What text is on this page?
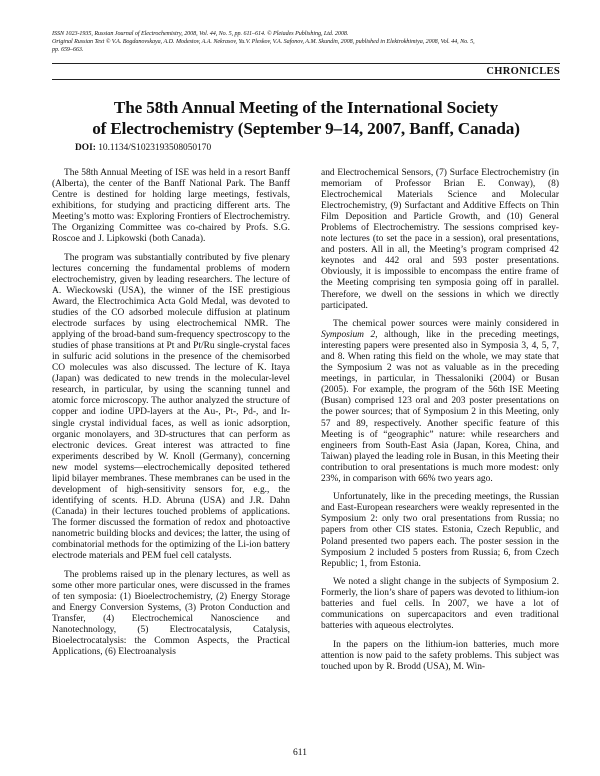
ISSN 1023-1935, Russian Journal of Electrochemistry, 2008, Vol. 44, No. 5, pp. 611–614. © Pleiades Publishing, Ltd. 2008.
Original Russian Text © V.A. Bogdanovskaya, A.D. Modestov, A.A. Nekrasov, Yu.V. Pleskov, V.A. Safonov, A.M. Skundin, 2008, published in Elektrokhimiya, 2008, Vol. 44, No. 5,
pp. 659–663.
CHRONICLES
The 58th Annual Meeting of the International Society
of Electrochemistry (September 9–14, 2007, Banff, Canada)
DOI: 10.1134/S1023193508050170

The 58th Annual Meeting of ISE was held in a resort Banff (Alberta), the center of the Banff National Park. The Banff Centre is destined for holding large meetings, festivals, exhibitions, for studying and practicing different arts. The Meeting’s motto was: Exploring Frontiers of Electrochemistry. The Organizing Committee was co-chaired by Profs. S.G. Roscoe and J. Lipkowski (both Canada).

The program was substantially contributed by five plenary lectures concerning the fundamental problems of modern electrochemistry, given by leading researchers. The lecture of A. Wieckowski (USA), the winner of the ISE prestigious Award, the Electrochimica Acta Gold Medal, was devoted to studies of the CO adsorbed molecule diffusion at platinum electrode surfaces by using electrochemical NMR. The applying of the broad-band sum-frequency spectroscopy to the studies of phase transitions at Pt and Pt/Ru single-crystal faces in sulfuric acid solutions in the presence of the chemisorbed CO molecules was also discussed. The lecture of K. Itaya (Japan) was dedicated to new trends in the molecular-level research, in particular, by using the scanning tunnel and atomic force microscopy. The author analyzed the structure of copper and iodine UPD-layers at the Au-, Pt-, Pd-, and Ir-single crystal individual faces, as well as ionic adsorption, organic monolayers, and 3D-structures that can perform as electronic devices. Great interest was attracted to fine experiments described by W. Knoll (Germany), concerning new model systems—electrochemically deposited tethered lipid bilayer membranes. These membranes can be used in the development of high-sensitivity sensors for, e.g., the identifying of scents. H.D. Abruna (USA) and J.R. Dahn (Canada) in their lectures touched problems of applications. The former discussed the formation of redox and photoactive nanometric building blocks and devices; the latter, the using of combinatorial methods for the optimizing of the Li-ion battery electrode materials and PEM fuel cell catalysts.

The problems raised up in the plenary lectures, as well as some other more particular ones, were discussed in the frames of ten symposia: (1) Bioelectrochemistry, (2) Energy Storage and Energy Conversion Systems, (3) Proton Conduction and Transfer, (4) Electrochemical Nanoscience and Nanotechnology, (5) Electrocatalysis, Catalysis, Bioelectrocatalysis: the Common Aspects, the Practical Applications, (6) Electroanalysis

and Electrochemical Sensors, (7) Surface Electrochemistry (in memoriam of Professor Brian E. Conway), (8) Electrochemical Materials Science and Molecular Electrochemistry, (9) Surfactant and Additive Effects on Thin Film Deposition and Particle Growth, and (10) General Problems of Electrochemistry. The sessions comprised key-note lectures (to set the pace in a session), oral presentations, and posters. All in all, the Meeting’s program comprised 42 keynotes and 442 oral and 593 poster presentations. Obviously, it is impossible to encompass the entire frame of the Meeting comprising ten symposia going off in parallel. Therefore, we dwell on the sessions in which we directly participated.

The chemical power sources were mainly considered in Symposium 2, although, like in the preceding meetings, interesting papers were presented also in Symposia 3, 4, 5, 7, and 8. When rating this field on the whole, we may state that the Symposium 2 was not as valuable as in the preceding meetings, in particular, in Thessaloniki (2004) or Busan (2005). For example, the program of the 56th ISE Meeting (Busan) comprised 123 oral and 203 poster presentations on the power sources; that of Symposium 2 in this Meeting, only 57 and 89, respectively. Another specific feature of this Meeting is of “geographic” nature: while researchers and engineers from South-East Asia (Japan, Korea, China, and Taiwan) played the leading role in Busan, in this Meeting their contribution to oral presentations is much more modest: only 23%, in comparison with 66% two years ago.

Unfortunately, like in the preceding meetings, the Russian and East-European researchers were weakly represented in the Symposium 2: only two oral presentations from Russia; no papers from other CIS states. Estonia, Czech Republic, and Poland presented two papers each. The poster session in the Symposium 2 included 5 posters from Russia; 6, from Czech Republic; 1, from Estonia.

We noted a slight change in the subjects of Symposium 2. Formerly, the lion’s share of papers was devoted to lithium-ion batteries and fuel cells. In 2007, we have a lot of communications on supercapacitors and even traditional batteries with aqueous electrolytes.

In the papers on the lithium-ion batteries, much more attention is now paid to the safety problems. This subject was touched upon by R. Brodd (USA), M. Win-

611
